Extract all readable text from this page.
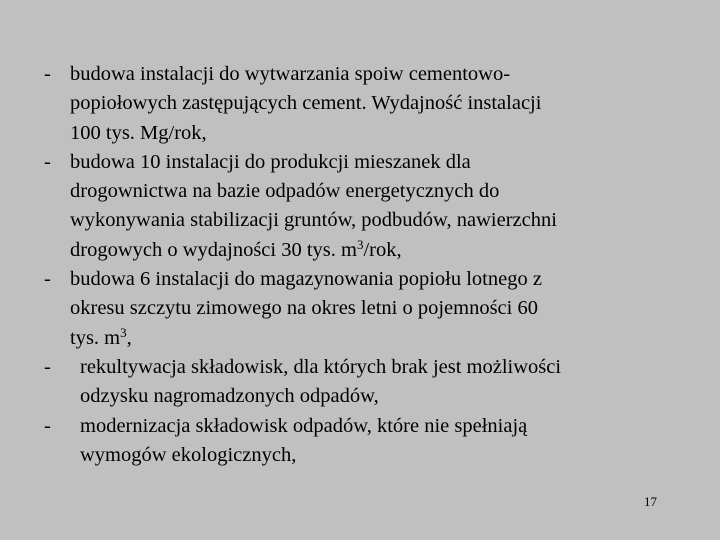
- budowa instalacji do wytwarzania spoiw cementowo-
popiołowych zastępujących cement. Wydajność instalacji
100 tys. Mg/rok,
- budowa 10 instalacji do produkcji mieszanek dla
drogownictwa na bazie odpadów energetycznych do
wykonywania stabilizacji gruntów, podbudów, nawierzchni
drogowych o wydajności 30 tys. $m^3$/rok,
- budowa 6 instalacji do magazynowania popiołu lotnego z
okresu szczytu zimowego na okres letni o pojemności 60
tys. $m^3$,
- rekultywacja składowisk, dla których brak jest możliwości
odzysku nagromadzonych odpadów,
- modernizacja składowisk odpadów, które nie spełniają
wymogów ekologicznych,
17
